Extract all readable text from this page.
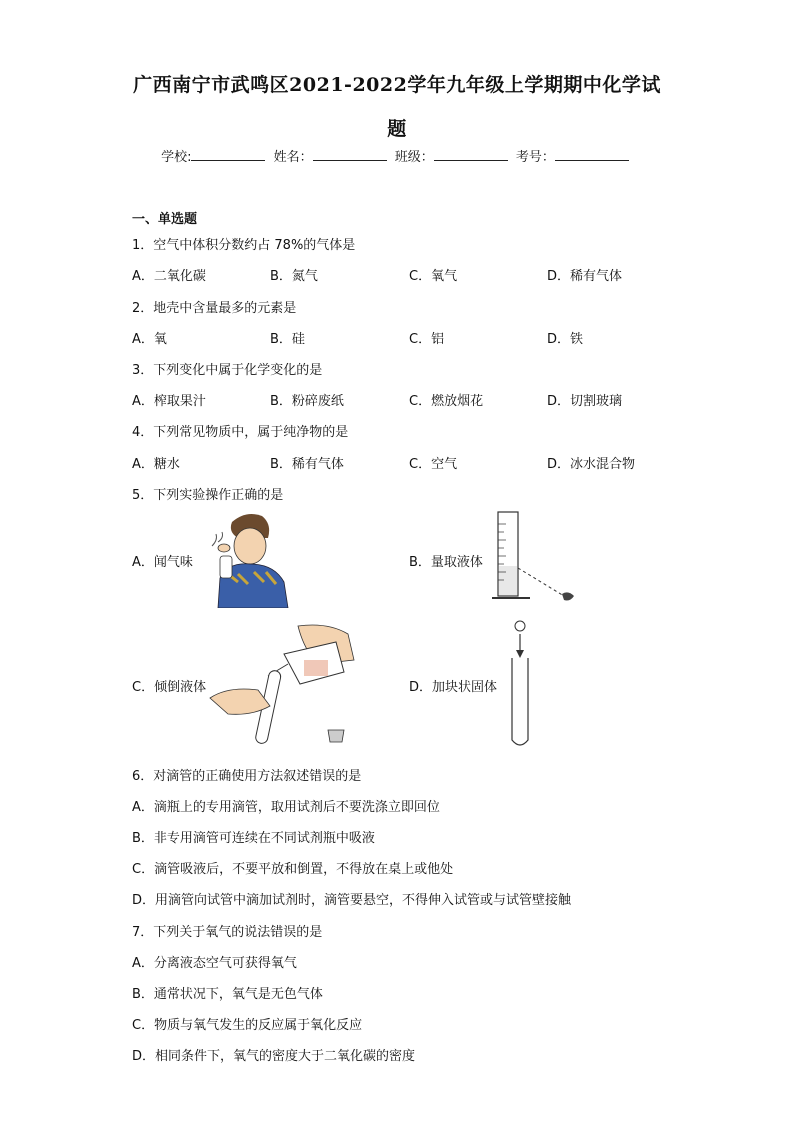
广西南宁市武鸣区2021-2022学年九年级上学期期中化学试
题
学校:	姓名：	班级：	考号：
一、单选题
1．空气中体积分数约占 78%的气体是
A．二氧化碳	B．氮气	C．氧气	D．稀有气体
2．地壳中含量最多的元素是
A．氧	B．硅	C．铝	D．铁
3．下列变化中属于化学变化的是
A．榨取果汁	B．粉碎废纸	C．燃放烟花	D．切割玻璃
4．下列常见物质中，属于纯净物的是
A．糖水	B．稀有气体	C．空气	D．冰水混合物
5．下列实验操作正确的是
A．闻气味	B．量取液体
C．倾倒液体	D．加块状固体
6．对滴管的正确使用方法叙述错误的是
A．滴瓶上的专用滴管，取用试剂后不要洗涤立即回位
B．非专用滴管可连续在不同试剂瓶中吸液
C．滴管吸液后，不要平放和倒置，不得放在桌上或他处
D．用滴管向试管中滴加试剂时，滴管要悬空，不得伸入试管或与试管壁接触
7．下列关于氧气的说法错误的是
A．分离液态空气可获得氧气
B．通常状况下，氧气是无色气体
C．物质与氧气发生的反应属于氧化反应
D．相同条件下，氧气的密度大于二氧化碳的密度
